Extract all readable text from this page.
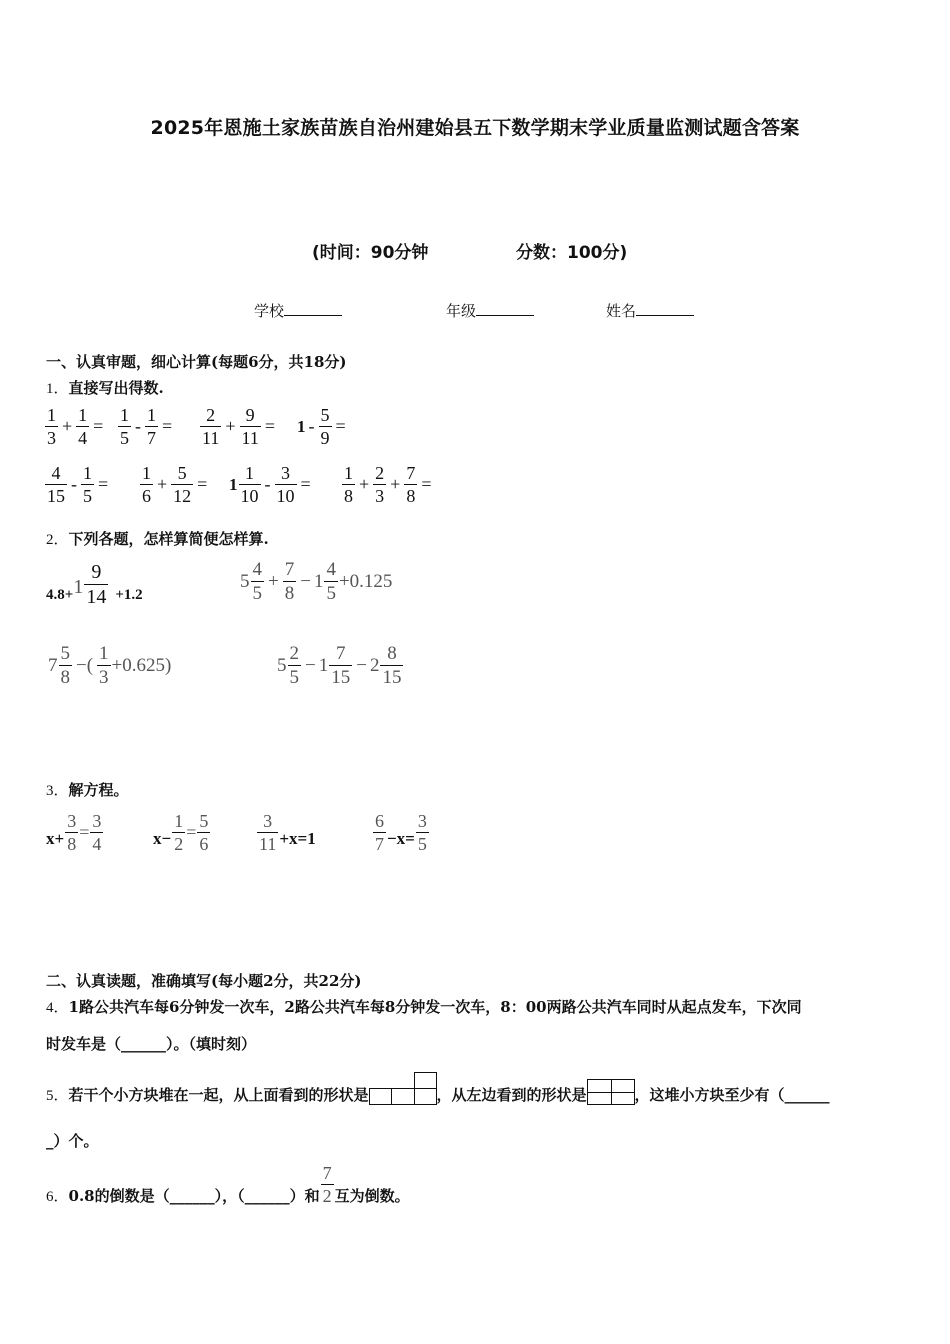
2025年恩施土家族苗族自治州建始县五下数学期末学业质量监测试题含答案
(时间：90分钟	分数：100分)
学校	年级	姓名
一、认真审题，细心计算(每题6分，共18分)
1．直接写出得数.
1
3
+ $\frac{1}{4}$ =
1
5
- $\frac{1}{7}$ =
2
11
+ $\frac{9}{11} = 1 - \frac{5}{9}$ =
4
15
- $\frac{1}{5}$ =
1
6
+ $\frac{5}{12} = 1$
1
10
- $\frac{3}{10}$ =
1
8
+ $\frac{2}{3} + \frac{7}{8}$ =
2．下列各题，怎样算简便怎样算.
4.8+ 1
9
14 +1.2
5
4
5
+ $\frac{7}{8} - 1$
4
5
+0.125
7
5
8
−(
1
3
+0.625)	5
2
5
− 1
7
15
− 2
8
15
3．解方程。
$x+ \frac{3}{8} = \frac{3}{4}$	$x- \frac{1}{2} = \frac{5}{6}$	3
11 +x=1
6
$7 -x= \frac{3}{5}$
二、认真读题，准确填写(每小题2分，共22分)
4．1路公共汽车每6分钟发一次车，2路公共汽车每8分钟发一次车，8：00两路公共汽车同时从起点发车，下次同
时发车是（______）。（填时刻）
5．若干个小方块堆在一起，从上面看到的形状是	，从左边看到的形状是	，这堆小方块至少有（______
_）个。
6． 0.8的倒数是（______），（______）和
7
2 互为倒数。
